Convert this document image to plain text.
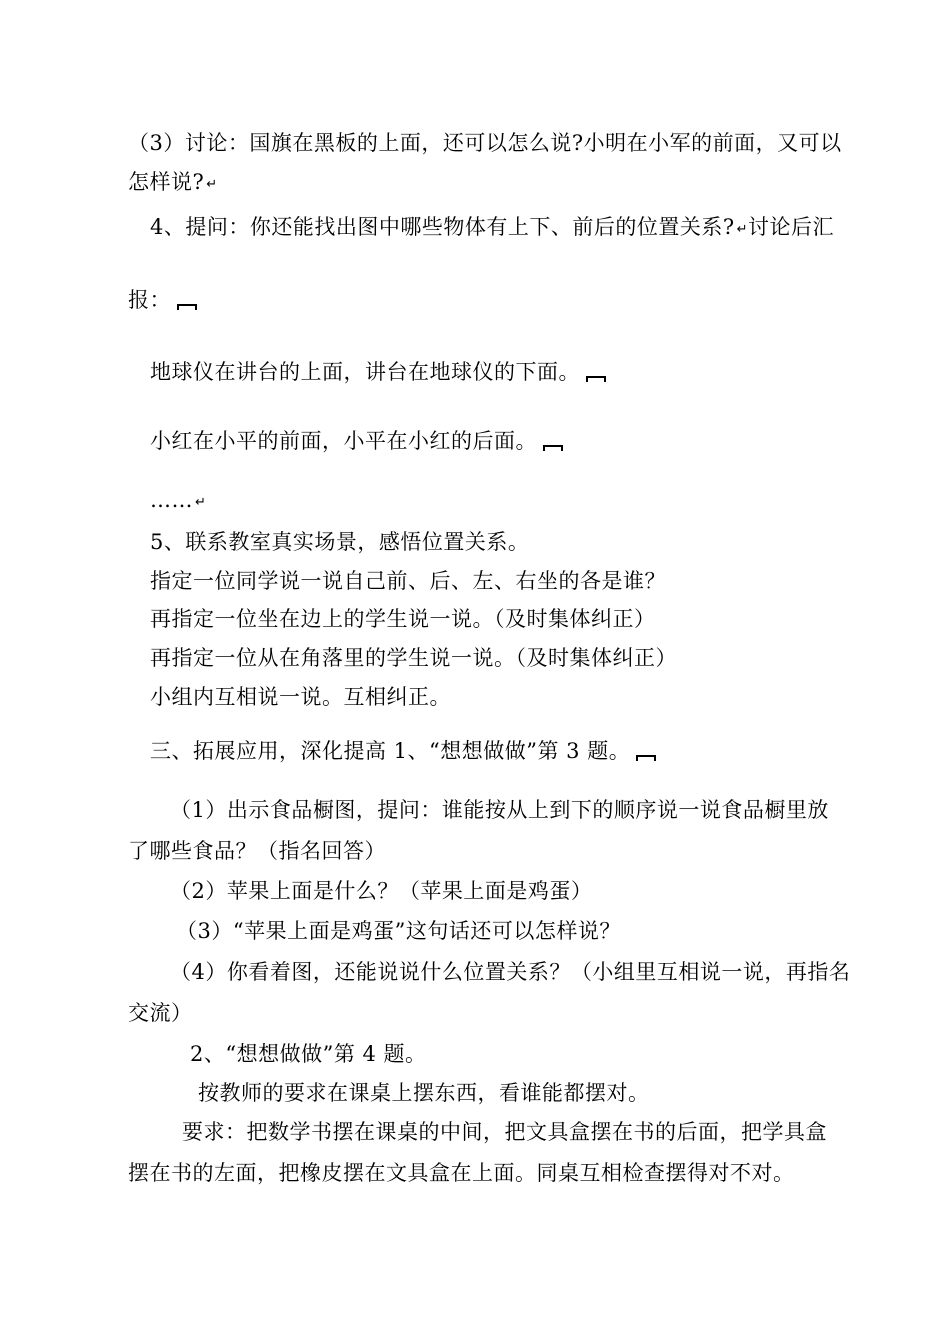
（3）讨论：国旗在黑板的上面，还可以怎么说?小明在小军的前面，又可以
怎样说? ↵
4、提问：你还能找出图中哪些物体有上下、前后的位置关系? ↵讨论后汇
报：
地球仪在讲台的上面，讲台在地球仪的下面。
小红在小平的前面，小平在小红的后面。
…… ↵
5、联系教室真实场景，感悟位置关系。
指定一位同学说一说自己前、后、左、右坐的各是谁？
再指定一位坐在边上的学生说一说。（及时集体纠正）
再指定一位从在角落里的学生说一说。（及时集体纠正）
小组内互相说一说。互相纠正。
三、拓展应用，深化提高 1、“想想做做”第 3 题。
（1）出示食品橱图，提问：谁能按从上到下的顺序说一说食品橱里放
了哪些食品？（指名回答）
（2）苹果上面是什么？（苹果上面是鸡蛋）
（3）“苹果上面是鸡蛋”这句话还可以怎样说？
（4）你看着图，还能说说什么位置关系？（小组里互相说一说，再指名
交流）
2、“想想做做”第 4 题。
按教师的要求在课桌上摆东西，看谁能都摆对。
要求：把数学书摆在课桌的中间，把文具盒摆在书的后面，把学具盒
摆在书的左面，把橡皮摆在文具盒在上面。同桌互相检查摆得对不对。
